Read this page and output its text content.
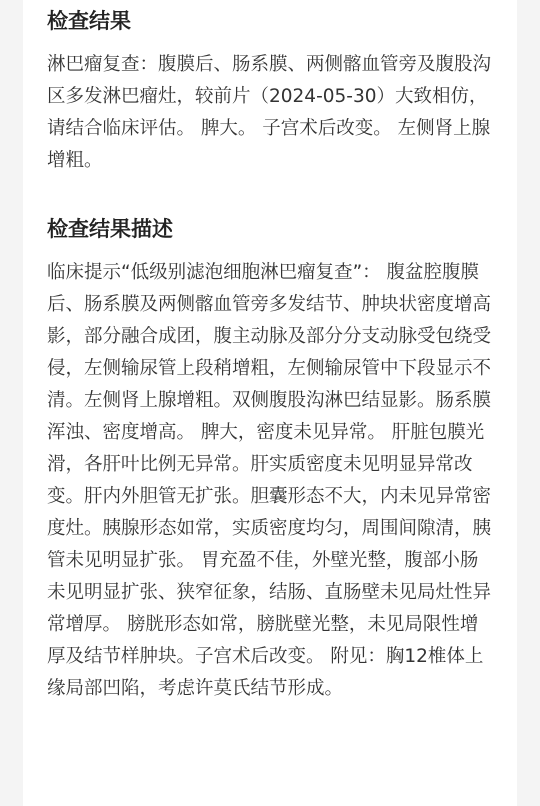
检查结果

淋巴瘤复查：腹膜后、肠系膜、两侧髂血管旁及腹股沟区多发淋巴瘤灶，较前片（2024-05-30）大致相仿，请结合临床评估。 脾大。 子宫术后改变。 左侧肾上腺增粗。

检查结果描述

临床提示“低级别滤泡细胞淋巴瘤复查”： 腹盆腔腹膜后、肠系膜及两侧髂血管旁多发结节、肿块状密度增高影，部分融合成团，腹主动脉及部分分支动脉受包绕受侵，左侧输尿管上段稍增粗，左侧输尿管中下段显示不清。左侧肾上腺增粗。双侧腹股沟淋巴结显影。肠系膜浑浊、密度增高。 脾大，密度未见异常。 肝脏包膜光滑，各肝叶比例无异常。肝实质密度未见明显异常改变。肝内外胆管无扩张。胆囊形态不大，内未见异常密度灶。胰腺形态如常，实质密度均匀，周围间隙清，胰管未见明显扩张。 胃充盈不佳，外壁光整，腹部小肠未见明显扩张、狭窄征象，结肠、直肠壁未见局灶性异常增厚。 膀胱形态如常，膀胱壁光整，未见局限性增厚及结节样肿块。子宫术后改变。 附见：胸12椎体上缘局部凹陷，考虑许莫氏结节形成。
